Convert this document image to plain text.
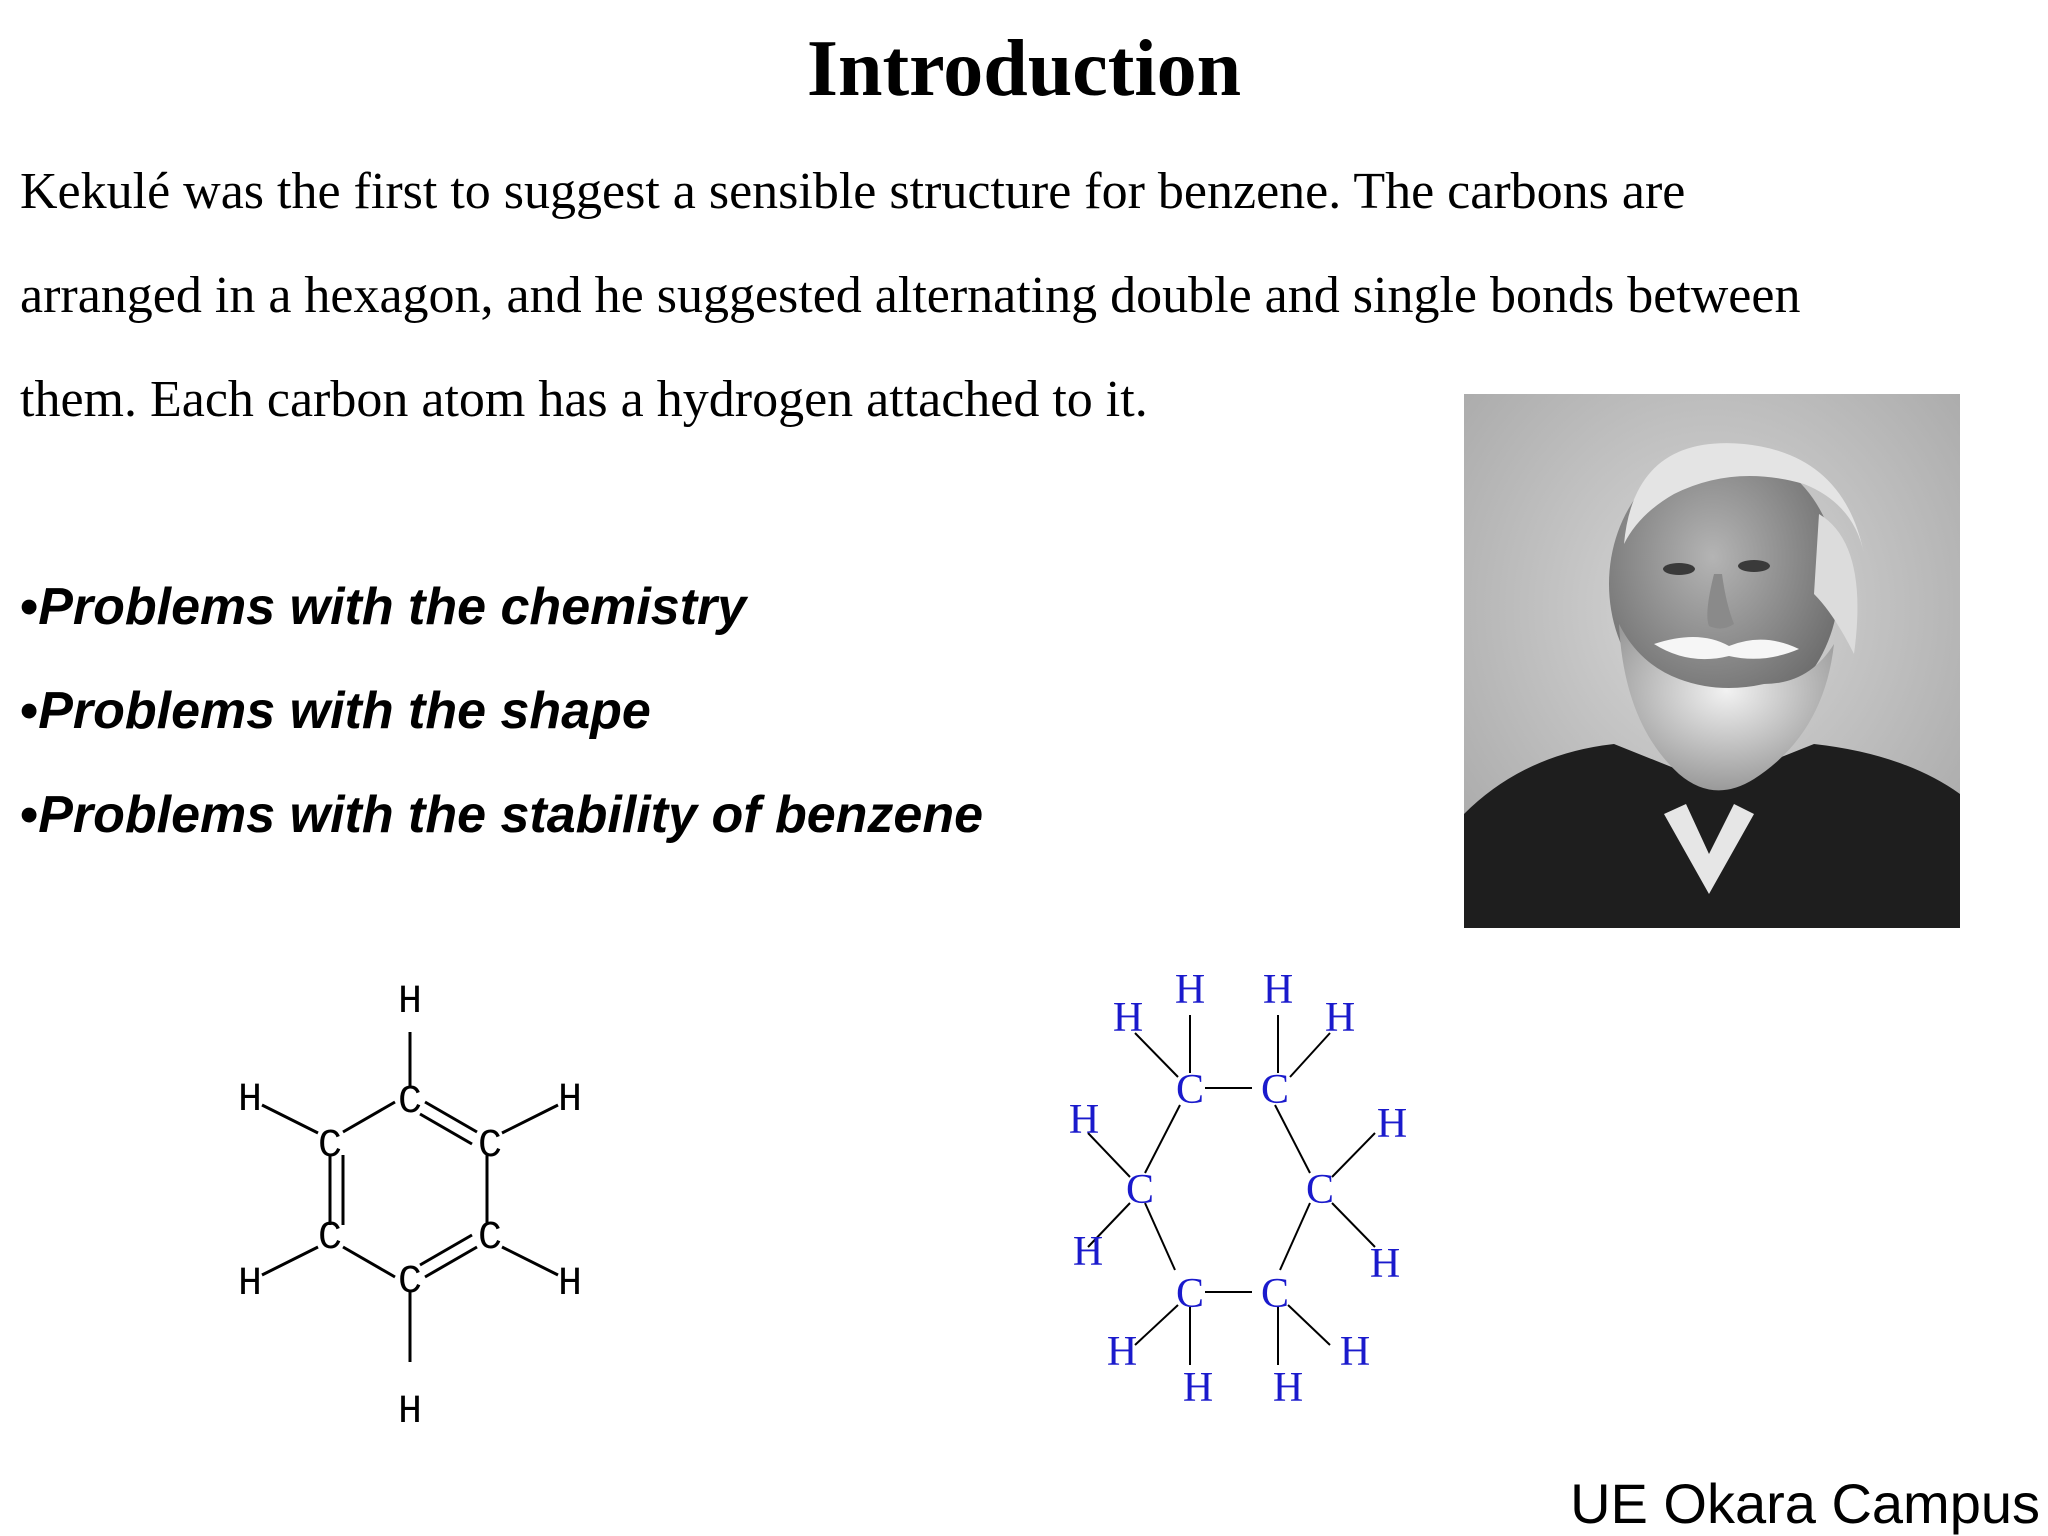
Introduction

Kekulé was the first to suggest a sensible structure for benzene. The carbons are
arranged in a hexagon, and he suggested alternating double and single bonds between
them. Each carbon atom has a hydrogen attached to it.

•Problems with the chemistry
•Problems with the shape
•Problems with the stability of benzene
C
C
C
C
C
C
H
H
H
H
H
H	C C
C
C
C
C
H
H
H
H
H
H
H
H
H
H
H
H
UE Okara Campus
